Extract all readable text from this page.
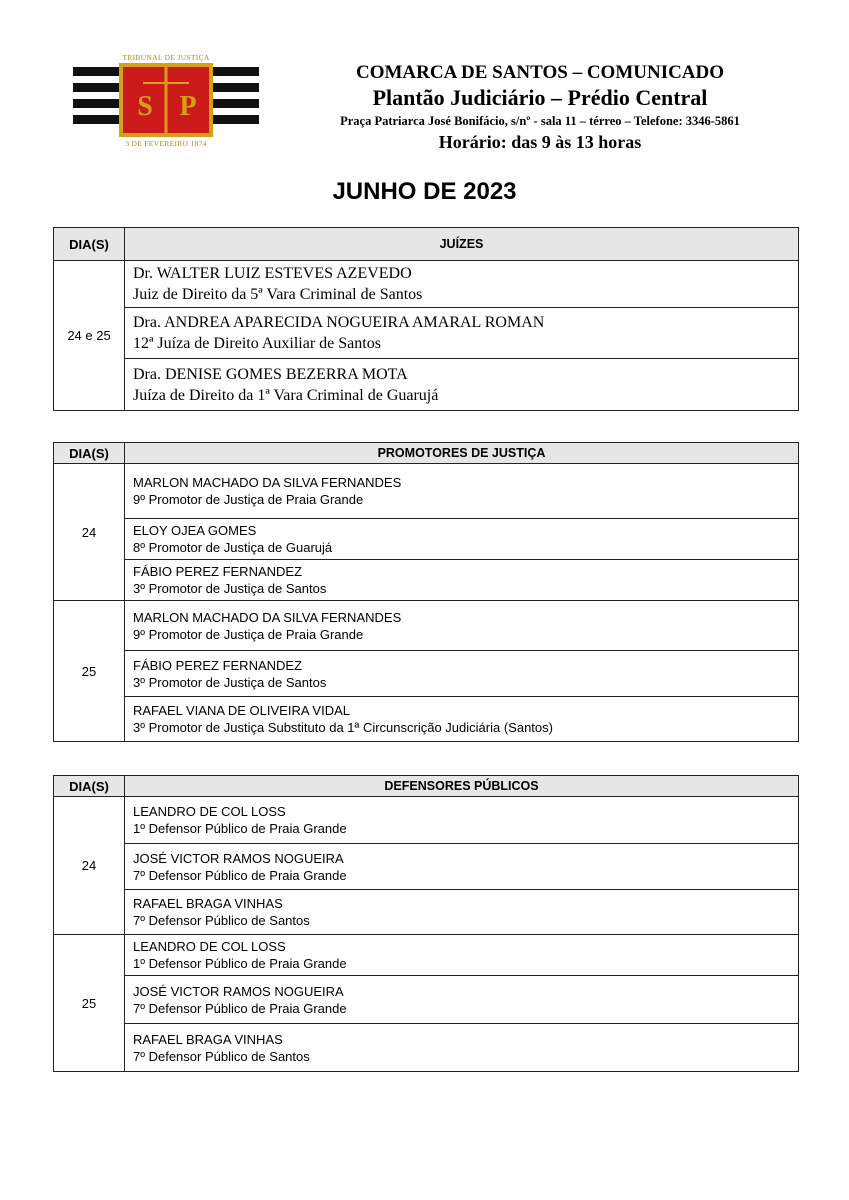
TRIBUNAL DE JUSTIÇA
S P
3 DE FEVEREIRO 1874
COMARCA DE SANTOS – COMUNICADO
Plantão Judiciário – Prédio Central
Praça Patriarca José Bonifácio, s/nº - sala 11 – térreo – Telefone: 3346-5861
Horário: das 9 às 13 horas
JUNHO DE 2023
DIA(S)	JUÍZES
24 e 25	Dr. WALTER LUIZ ESTEVES AZEVEDO
Juiz de Direito da 5ª Vara Criminal de Santos

	Dra. ANDREA APARECIDA NOGUEIRA AMARAL ROMAN
12ª Juíza de Direito Auxiliar de Santos

	Dra. DENISE GOMES BEZERRA MOTA
Juíza de Direito da 1ª Vara Criminal de Guarujá
DIA(S)	PROMOTORES DE JUSTIÇA
24	MARLON MACHADO DA SILVA FERNANDES
9º Promotor de Justiça de Praia Grande

	ELOY OJEA GOMES
8º Promotor de Justiça de Guarujá

	FÁBIO PEREZ FERNANDEZ
3º Promotor de Justiça de Santos

25	MARLON MACHADO DA SILVA FERNANDES
9º Promotor de Justiça de Praia Grande

	FÁBIO PEREZ FERNANDEZ
3º Promotor de Justiça de Santos

	RAFAEL VIANA DE OLIVEIRA VIDAL
3º Promotor de Justiça Substituto da 1ª Circunscrição Judiciária (Santos)
DIA(S)	DEFENSORES PÚBLICOS
24	LEANDRO DE COL LOSS
1º Defensor Público de Praia Grande

	JOSÉ VICTOR RAMOS NOGUEIRA
7º Defensor Público de Praia Grande

	RAFAEL BRAGA VINHAS
7º Defensor Público de Santos

25	LEANDRO DE COL LOSS
1º Defensor Público de Praia Grande

	JOSÉ VICTOR RAMOS NOGUEIRA
7º Defensor Público de Praia Grande

	RAFAEL BRAGA VINHAS
7º Defensor Público de Santos
